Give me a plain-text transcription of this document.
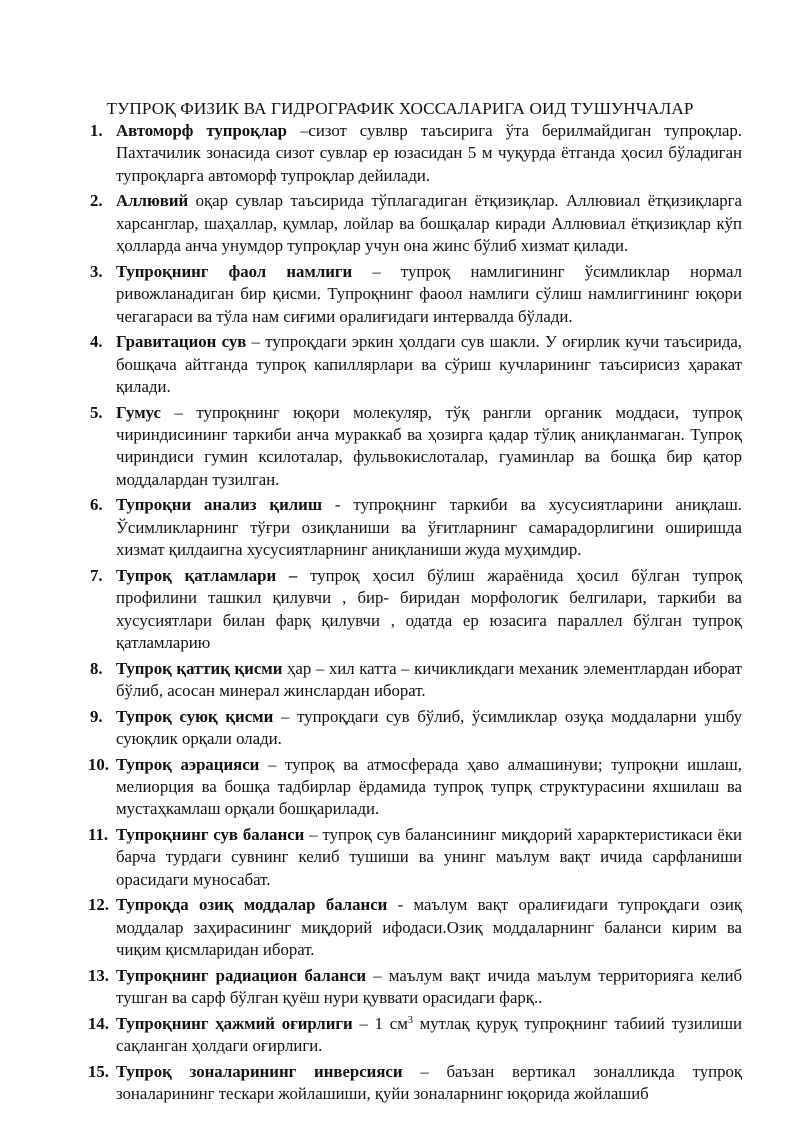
ТУПРОҚ ФИЗИК ВА ГИДРОГРАФИК ХОССАЛАРИГА ОИД ТУШУНЧАЛАР
1. Автоморф тупроқлар –сизот сувлвр таъсирига ўта берилмайдиган тупроқлар. Пахтачилик зонасида сизот сувлар ер юзасидан 5 м чуқурда ётганда ҳосил бўладиган тупроқларга автоморф тупроқлар дейилади.
2. Аллювий оқар сувлар таъсирида тўплагадиган ётқизиқлар. Аллювиал ётқизиқларга харсанглар, шаҳаллар, қумлар, лойлар ва бошқалар киради Аллювиал ётқизиқлар кўп ҳолларда анча унумдор тупроқлар учун она жинс бўлиб хизмат қилади.
3. Тупроқнинг фаол намлиги – тупроқ намлигининг ўсимликлар нормал ривожланадиган бир қисми. Тупроқнинг фаоол намлиги сўлиш намлиггининг юқори чегагараси ва тўла нам сиғими оралиғидаги интервалда бўлади.
4. Гравитацион сув – тупроқдаги эркин ҳолдаги сув шакли. У оғирлик кучи таъсирида, бошқача айтганда тупроқ капиллярлари ва сўриш кучларининг таъсирисиз ҳаракат қилади.
5. Гумус – тупроқнинг юқори молекуляр, тўқ рангли органик моддаси, тупроқ чириндисининг таркиби анча мураккаб ва ҳозирга қадар тўлиқ аниқланмаган. Тупроқ чириндиси гумин ксилоталар, фульвокислоталар, гуаминлар ва бошқа бир қатор моддалардан тузилган.
6. Тупроқни анализ қилиш - тупроқнинг таркиби ва хусусиятларини аниқлаш. Ўсимликларнинг тўғри озиқланиши ва ўғитларнинг самарадорлигини оширишда хизмат қилдаигна хусусиятларнинг аниқланиши жуда муҳимдир.
7. Тупроқ қатламлари – тупроқ ҳосил бўлиш жараёнида ҳосил бўлган тупроқ профилини ташкил қилувчи , бир- биридан морфологик белгилари, таркиби ва хусусиятлари билан фарқ қилувчи , одатда ер юзасига параллел бўлган тупроқ қатламларию
8. Тупроқ қаттиқ қисми ҳар – хил катта – кичикликдаги механик элементлардан иборат бўлиб, асосан минерал жинслардан иборат.
9. Тупроқ суюқ қисми – тупроқдаги сув бўлиб, ўсимликлар озуқа моддаларни ушбу суюқлик орқали олади.
10. Тупроқ аэрацияси – тупроқ ва атмосферада ҳаво алмашинуви; тупроқни ишлаш, мелиорция ва бошқа тадбирлар ёрдамида тупроқ тупрқ структурасини яхшилаш ва мустаҳкамлаш орқали бошқарилади.
11. Тупроқнинг сув баланси – тупроқ сув балансининг миқдорий харарктеристикаси ёки барча турдаги сувнинг келиб тушиши ва унинг маълум вақт ичида сарфланиши орасидаги муносабат.
12. Тупроқда озиқ моддалар баланси - маълум вақт оралиғидаги тупроқдаги озиқ моддалар заҳирасининг миқдорий ифодаси.Озиқ моддаларнинг баланси кирим ва чиқим қисмларидан иборат.
13. Тупроқнинг радиацион баланси – маълум вақт ичида маълум территорияга келиб тушган ва сарф бўлган қуёш нури қуввати орасидаги фарқ..
14. Тупроқнинг ҳажмий оғирлиги – 1 $см^3$ мутлақ қуруқ тупроқнинг табиий тузилиши сақланган ҳолдаги оғирлиги.
15. Тупроқ зоналарининг инверсияси – баъзан вертикал зоналликда тупроқ зоналарининг тескари жойлашиши, қуйи зоналарнинг юқорида жойлашиб
